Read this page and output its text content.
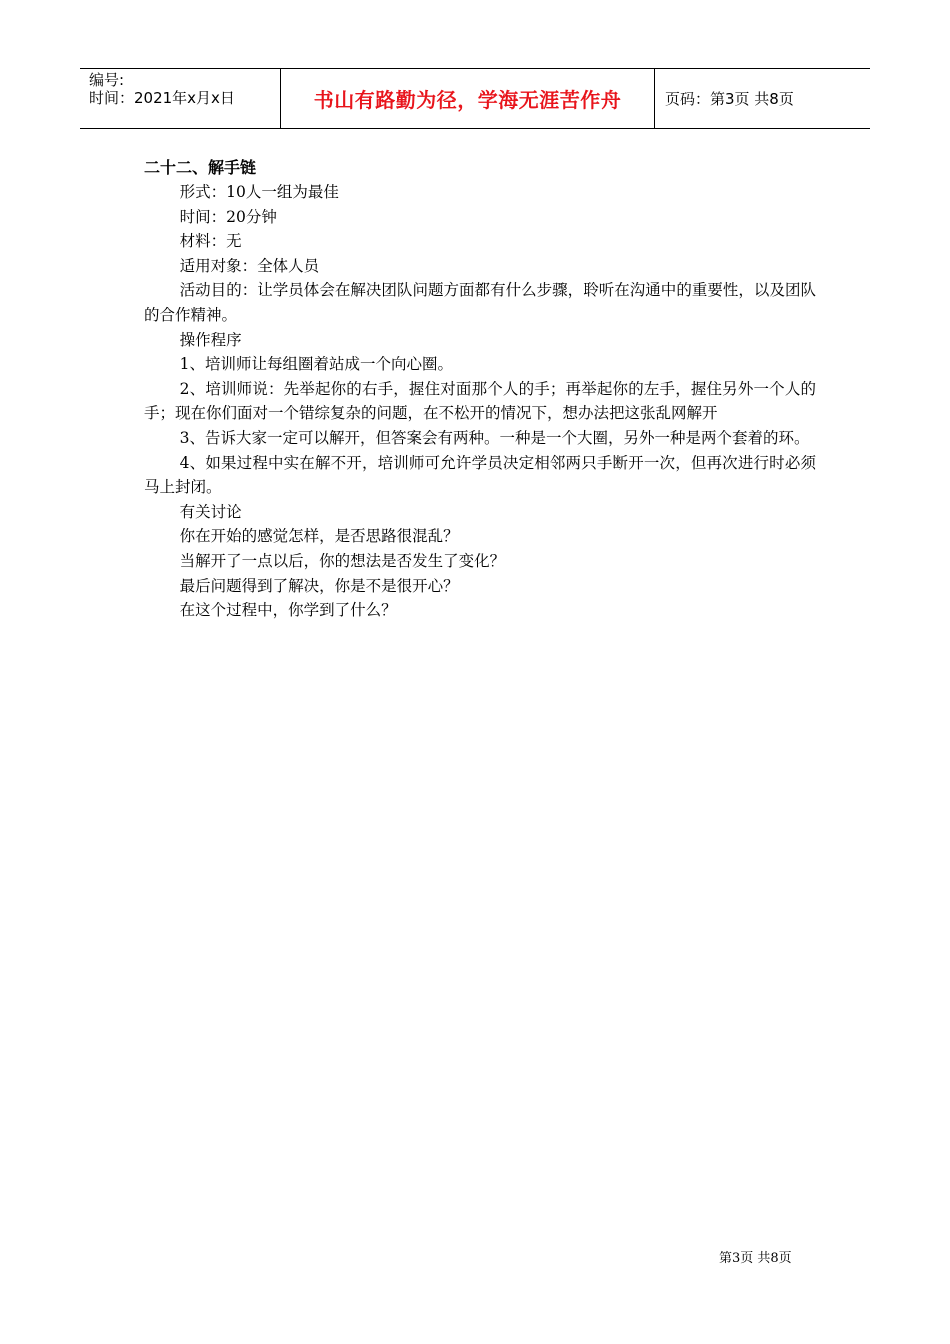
编号:
时间：2021年x月x日	书山有路勤为径，学海无涯苦作舟	页码：第3页 共8页
二十二、解手链

形式：10人一组为最佳

时间：20分钟

材料：无

适用对象：全体人员

活动目的：让学员体会在解决团队问题方面都有什么步骤，聆听在沟通中的重要性，以及团队的合作精神。

操作程序

1、培训师让每组圈着站成一个向心圈。

2、培训师说：先举起你的右手，握住对面那个人的手；再举起你的左手，握住另外一个人的手；现在你们面对一个错综复杂的问题，在不松开的情况下，想办法把这张乱网解开

3、告诉大家一定可以解开，但答案会有两种。一种是一个大圈，另外一种是两个套着的环。

4、如果过程中实在解不开，培训师可允许学员决定相邻两只手断开一次，但再次进行时必须马上封闭。

有关讨论

你在开始的感觉怎样，是否思路很混乱？

当解开了一点以后，你的想法是否发生了变化？

最后问题得到了解决，你是不是很开心？

在这个过程中，你学到了什么？

第3页 共8页
